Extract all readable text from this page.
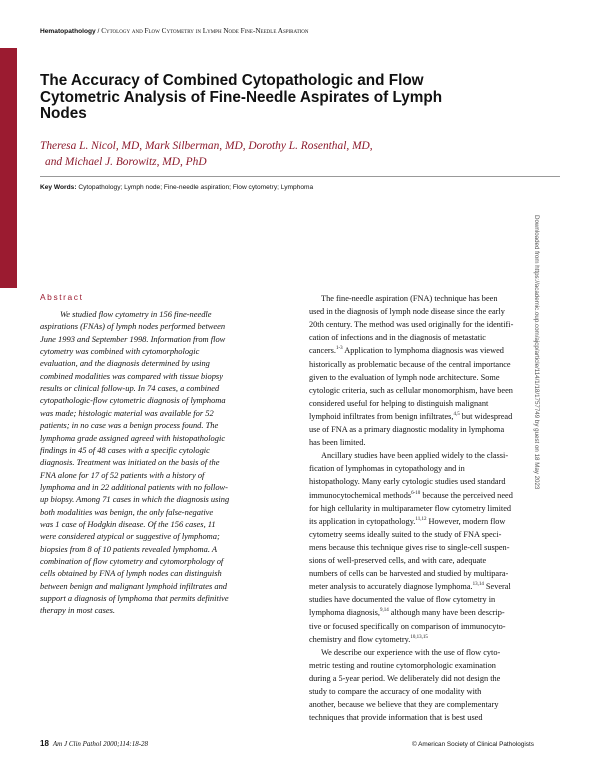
Hematopathology / Cytology and Flow Cytometry in Lymph Node Fine-Needle Aspiration
The Accuracy of Combined Cytopathologic and Flow Cytometric Analysis of Fine-Needle Aspirates of Lymph Nodes
Theresa L. Nicol, MD, Mark Silberman, MD, Dorothy L. Rosenthal, MD,
and Michael J. Borowitz, MD, PhD
Key Words: Cytopathology; Lymph node; Fine-needle aspiration; Flow cytometry; Lymphoma
Downloaded from https://academic.oup.com/ajcp/article/114/1/18/1757749 by guest on 18 May 2023
Abstract
We studied flow cytometry in 156 fine-needle
aspirations (FNAs) of lymph nodes performed between
June 1993 and September 1998. Information from flow
cytometry was combined with cytomorphologic
evaluation, and the diagnosis determined by using
combined modalities was compared with tissue biopsy
results or clinical follow-up. In 74 cases, a combined
cytopathologic-flow cytometric diagnosis of lymphoma
was made; histologic material was available for 52
patients; in no case was a benign process found. The
lymphoma grade assigned agreed with histopathologic
findings in 45 of 48 cases with a specific cytologic
diagnosis. Treatment was initiated on the basis of the
FNA alone for 17 of 52 patients with a history of
lymphoma and in 22 additional patients with no follow-
up biopsy. Among 71 cases in which the diagnosis using
both modalities was benign, the only false-negative
was 1 case of Hodgkin disease. Of the 156 cases, 11
were considered atypical or suggestive of lymphoma;
biopsies from 8 of 10 patients revealed lymphoma. A
combination of flow cytometry and cytomorphology of
cells obtained by FNA of lymph nodes can distinguish
between benign and malignant lymphoid infiltrates and
support a diagnosis of lymphoma that permits definitive
therapy in most cases.
The fine-needle aspiration (FNA) technique has been
used in the diagnosis of lymph node disease since the early
20th century. The method was used originally for the identifi-
cation of infections and in the diagnosis of metastatic
cancers.$^{1-3}$ Application to lymphoma diagnosis was viewed
historically as problematic because of the central importance
given to the evaluation of lymph node architecture. Some
cytologic criteria, such as cellular monomorphism, have been
considered useful for helping to distinguish malignant
lymphoid infiltrates from benign infiltrates,$^{4,5}$ but widespread
use of FNA as a primary diagnostic modality in lymphoma
has been limited.
Ancillary studies have been applied widely to the classi-
fication of lymphomas in cytopathology and in
histopathology. Many early cytologic studies used standard
immunocytochemical methods$^{6-10}$ because the perceived need
for high cellularity in multiparameter flow cytometry limited
its application in cytopathology.$^{11,12}$ However, modern flow
cytometry seems ideally suited to the study of FNA speci-
mens because this technique gives rise to single-cell suspen-
sions of well-preserved cells, and with care, adequate
numbers of cells can be harvested and studied by multipara-
meter analysis to accurately diagnose lymphoma.$^{13,14}$ Several
studies have documented the value of flow cytometry in
lymphoma diagnosis,$^{9,14}$ although many have been descrip-
tive or focused specifically on comparison of immunocyto-
chemistry and flow cytometry.$^{10,13,15}$
We describe our experience with the use of flow cyto-
metric testing and routine cytomorphologic examination
during a 5-year period. We deliberately did not design the
study to compare the accuracy of one modality with
another, because we believe that they are complementary
techniques that provide information that is best used
18 Am J Clin Pathol 2000;114:18-28	© American Society of Clinical Pathologists
